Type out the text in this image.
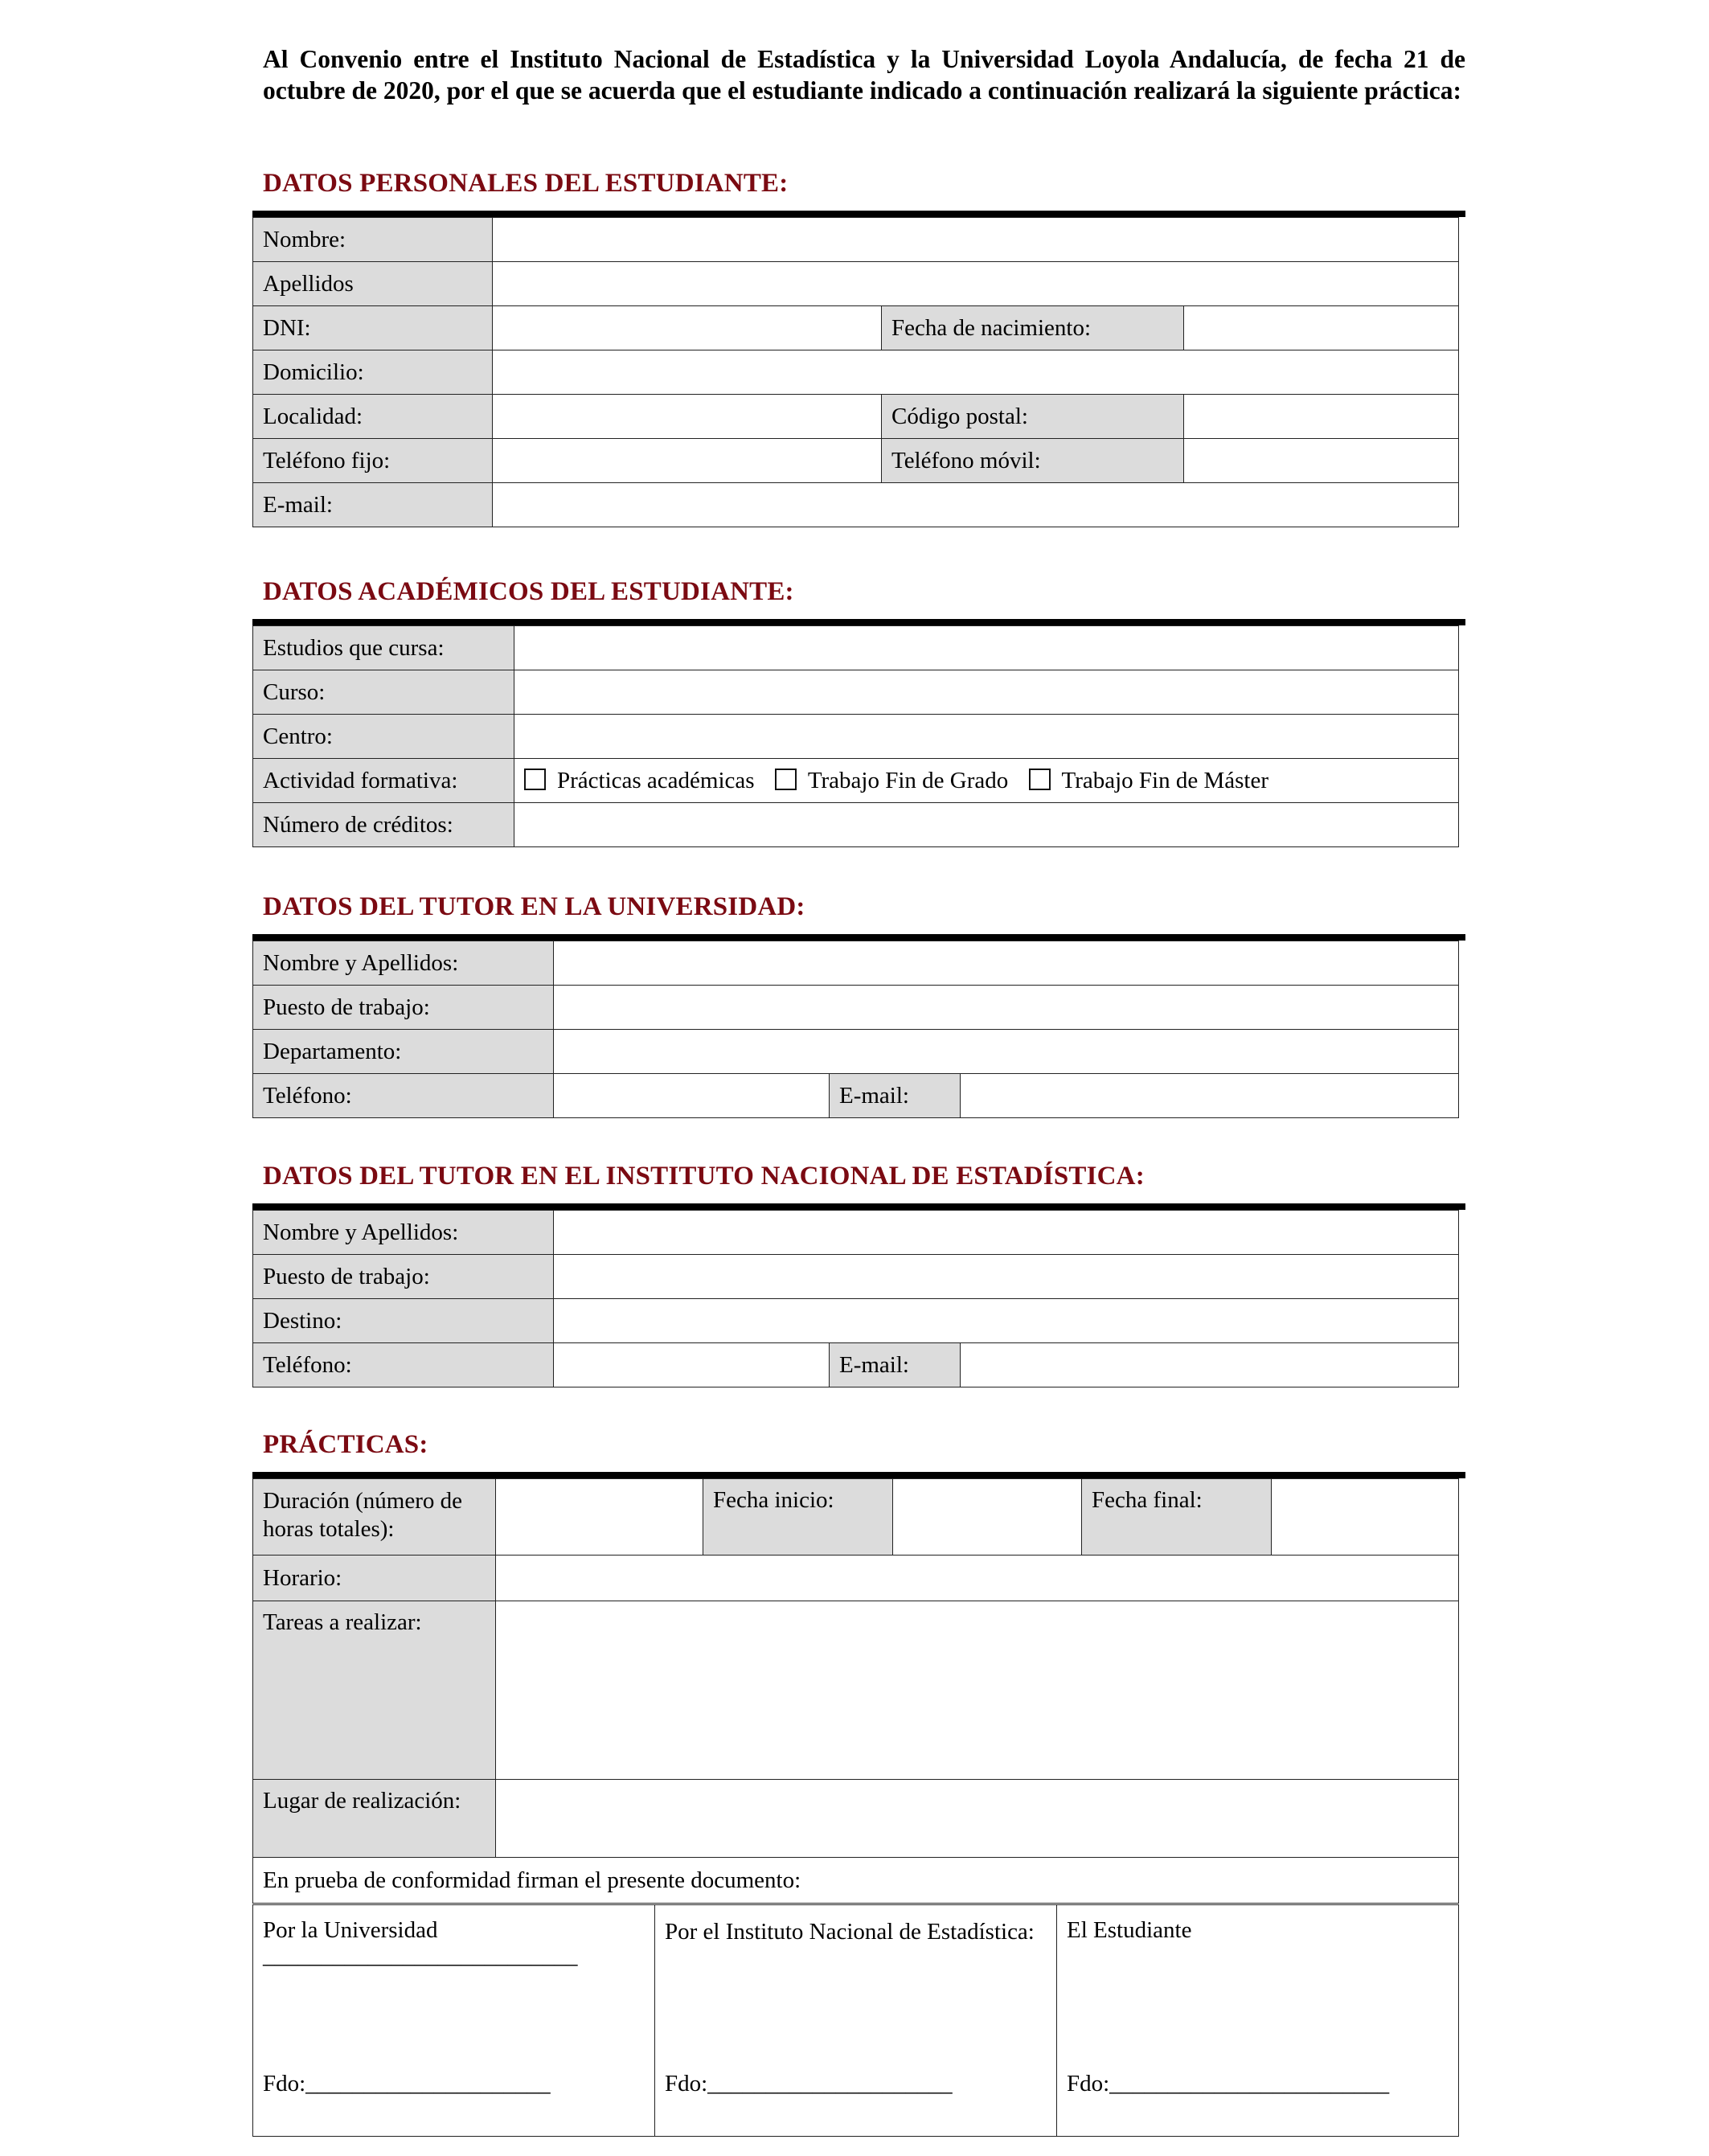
Al Convenio entre el Instituto Nacional de Estadística y la Universidad Loyola Andalucía, de fecha 21 de octubre de 2020, por el que se acuerda que el estudiante indicado a continuación realizará la siguiente práctica:
DATOS PERSONALES DEL ESTUDIANTE:
Nombre:			
Apellidos			
DNI:		Fecha de nacimiento:	
Domicilio:			
Localidad:		Código postal:	
Teléfono fijo:		Teléfono móvil:	
E-mail:			
DATOS ACADÉMICOS DEL ESTUDIANTE:
Estudios que cursa:	
Curso:	
Centro:	
Actividad formativa:	Prácticas académicas Trabajo Fin de Grado Trabajo Fin de Máster
Número de créditos:	
DATOS DEL TUTOR EN LA UNIVERSIDAD:
Nombre y Apellidos:			
Puesto de trabajo:			
Departamento:			
Teléfono:		E-mail:	
DATOS DEL TUTOR EN EL INSTITUTO NACIONAL DE ESTADÍSTICA:
Nombre y Apellidos:			
Puesto de trabajo:			
Destino:			
Teléfono:		E-mail:	
PRÁCTICAS:
Duración (número de horas totales):		Fecha inicio:		Fecha final:	
Horario:					
Tareas a realizar:					
Lugar de realización:					
En prueba de conformidad firman el presente documento:					
Por la Universidad
___________________________
Fdo:_____________________

Por el Instituto Nacional de Estadística:
Fdo:_____________________

El Estudiante
Fdo:________________________
